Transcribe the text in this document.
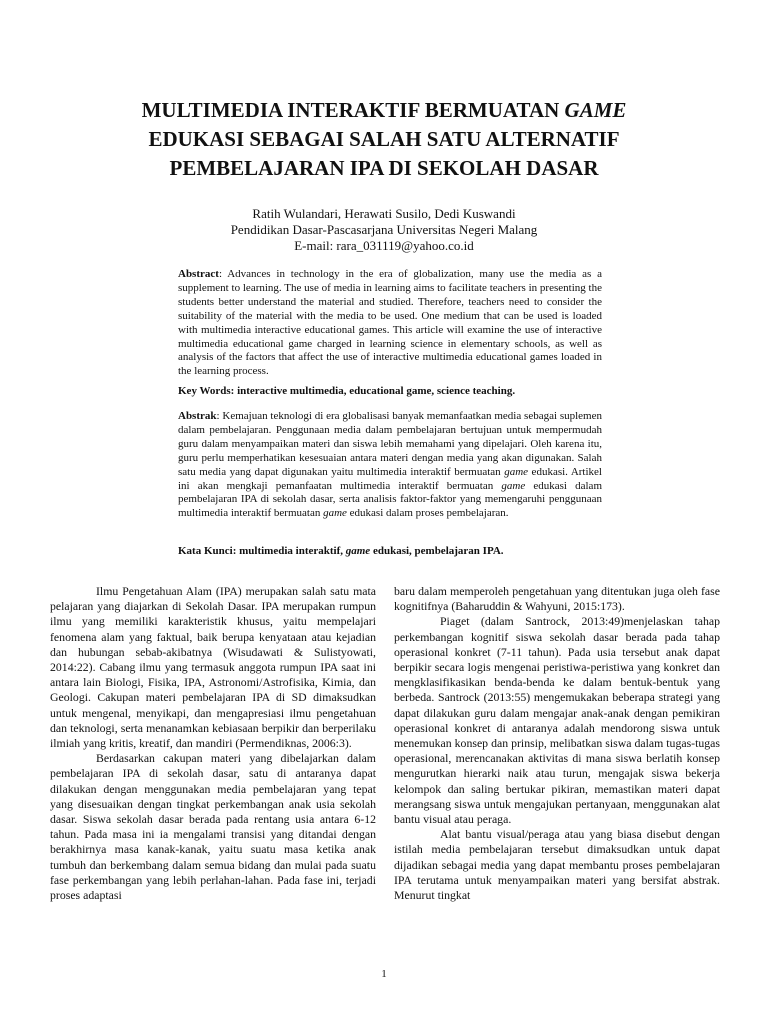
MULTIMEDIA INTERAKTIF BERMUATAN GAME
EDUKASI SEBAGAI SALAH SATU ALTERNATIF
PEMBELAJARAN IPA DI SEKOLAH DASAR
Ratih Wulandari, Herawati Susilo, Dedi Kuswandi
Pendidikan Dasar-Pascasarjana Universitas Negeri Malang
E-mail: rara_031119@yahoo.co.id

Abstract: Advances in technology in the era of globalization, many use the media as a supplement to learning. The use of media in learning aims to facilitate teachers in presenting the students better understand the material and studied. Therefore, teachers need to consider the suitability of the material with the media to be used. One medium that can be used is loaded with multimedia interactive educational games. This article will examine the use of interactive multimedia educational game charged in learning science in elementary schools, as well as analysis of the factors that affect the use of interactive multimedia educational games loaded in the learning process.

Key Words: interactive multimedia, educational game, science teaching.

Abstrak: Kemajuan teknologi di era globalisasi banyak memanfaatkan media sebagai suplemen dalam pembelajaran. Penggunaan media dalam pembelajaran bertujuan untuk mempermudah guru dalam menyampaikan materi dan siswa lebih memahami yang dipelajari. Oleh karena itu, guru perlu memperhatikan kesesuaian antara materi dengan media yang akan digunakan. Salah satu media yang dapat digunakan yaitu multimedia interaktif bermuatan game edukasi. Artikel ini akan mengkaji pemanfaatan multimedia interaktif bermuatan game edukasi dalam pembelajaran IPA di sekolah dasar, serta analisis faktor-faktor yang memengaruhi penggunaan multimedia interaktif bermuatan game edukasi dalam proses pembelajaran.

Kata Kunci: multimedia interaktif, game edukasi, pembelajaran IPA.

Ilmu Pengetahuan Alam (IPA) merupakan salah satu mata pelajaran yang diajarkan di Sekolah Dasar. IPA merupakan rumpun ilmu yang memiliki karakteristik khusus, yaitu mempelajari fenomena alam yang faktual, baik berupa kenyataan atau kejadian dan hubungan sebab-akibatnya (Wisudawati & Sulistyowati, 2014:22). Cabang ilmu yang termasuk anggota rumpun IPA saat ini antara lain Biologi, Fisika, IPA, Astronomi/Astrofisika, Kimia, dan Geologi. Cakupan materi pembelajaran IPA di SD dimaksudkan untuk mengenal, menyikapi, dan mengapresiasi ilmu pengetahuan dan teknologi, serta menanamkan kebiasaan berpikir dan berperilaku ilmiah yang kritis, kreatif, dan mandiri (Permendiknas, 2006:3).

Berdasarkan cakupan materi yang dibelajarkan dalam pembelajaran IPA di sekolah dasar, satu di antaranya dapat dilakukan dengan menggunakan media pembelajaran yang tepat yang disesuaikan dengan tingkat perkembangan anak usia sekolah dasar. Siswa sekolah dasar berada pada rentang usia antara 6-12 tahun. Pada masa ini ia mengalami transisi yang ditandai dengan berakhirnya masa kanak-kanak, yaitu suatu masa ketika anak tumbuh dan berkembang dalam semua bidang dan mulai pada suatu fase perkembangan yang lebih perlahan-lahan. Pada fase ini, terjadi proses adaptasi

baru dalam memperoleh pengetahuan yang ditentukan juga oleh fase kognitifnya (Baharuddin & Wahyuni, 2015:173).

Piaget (dalam Santrock, 2013:49)menjelaskan tahap perkembangan kognitif siswa sekolah dasar berada pada tahap operasional konkret (7-11 tahun). Pada usia tersebut anak dapat berpikir secara logis mengenai peristiwa-peristiwa yang konkret dan mengklasifikasikan benda-benda ke dalam bentuk-bentuk yang berbeda. Santrock (2013:55) mengemukakan beberapa strategi yang dapat dilakukan guru dalam mengajar anak-anak dengan pemikiran operasional konkret di antaranya adalah mendorong siswa untuk menemukan konsep dan prinsip, melibatkan siswa dalam tugas-tugas operasional, merencanakan aktivitas di mana siswa berlatih konsep mengurutkan hierarki naik atau turun, mengajak siswa bekerja kelompok dan saling bertukar pikiran, memastikan materi dapat merangsang siswa untuk mengajukan pertanyaan, menggunakan alat bantu visual atau peraga.

Alat bantu visual/peraga atau yang biasa disebut dengan istilah media pembelajaran tersebut dimaksudkan untuk dapat dijadikan sebagai media yang dapat membantu proses pembelajaran IPA terutama untuk menyampaikan materi yang bersifat abstrak. Menurut tingkat

1
